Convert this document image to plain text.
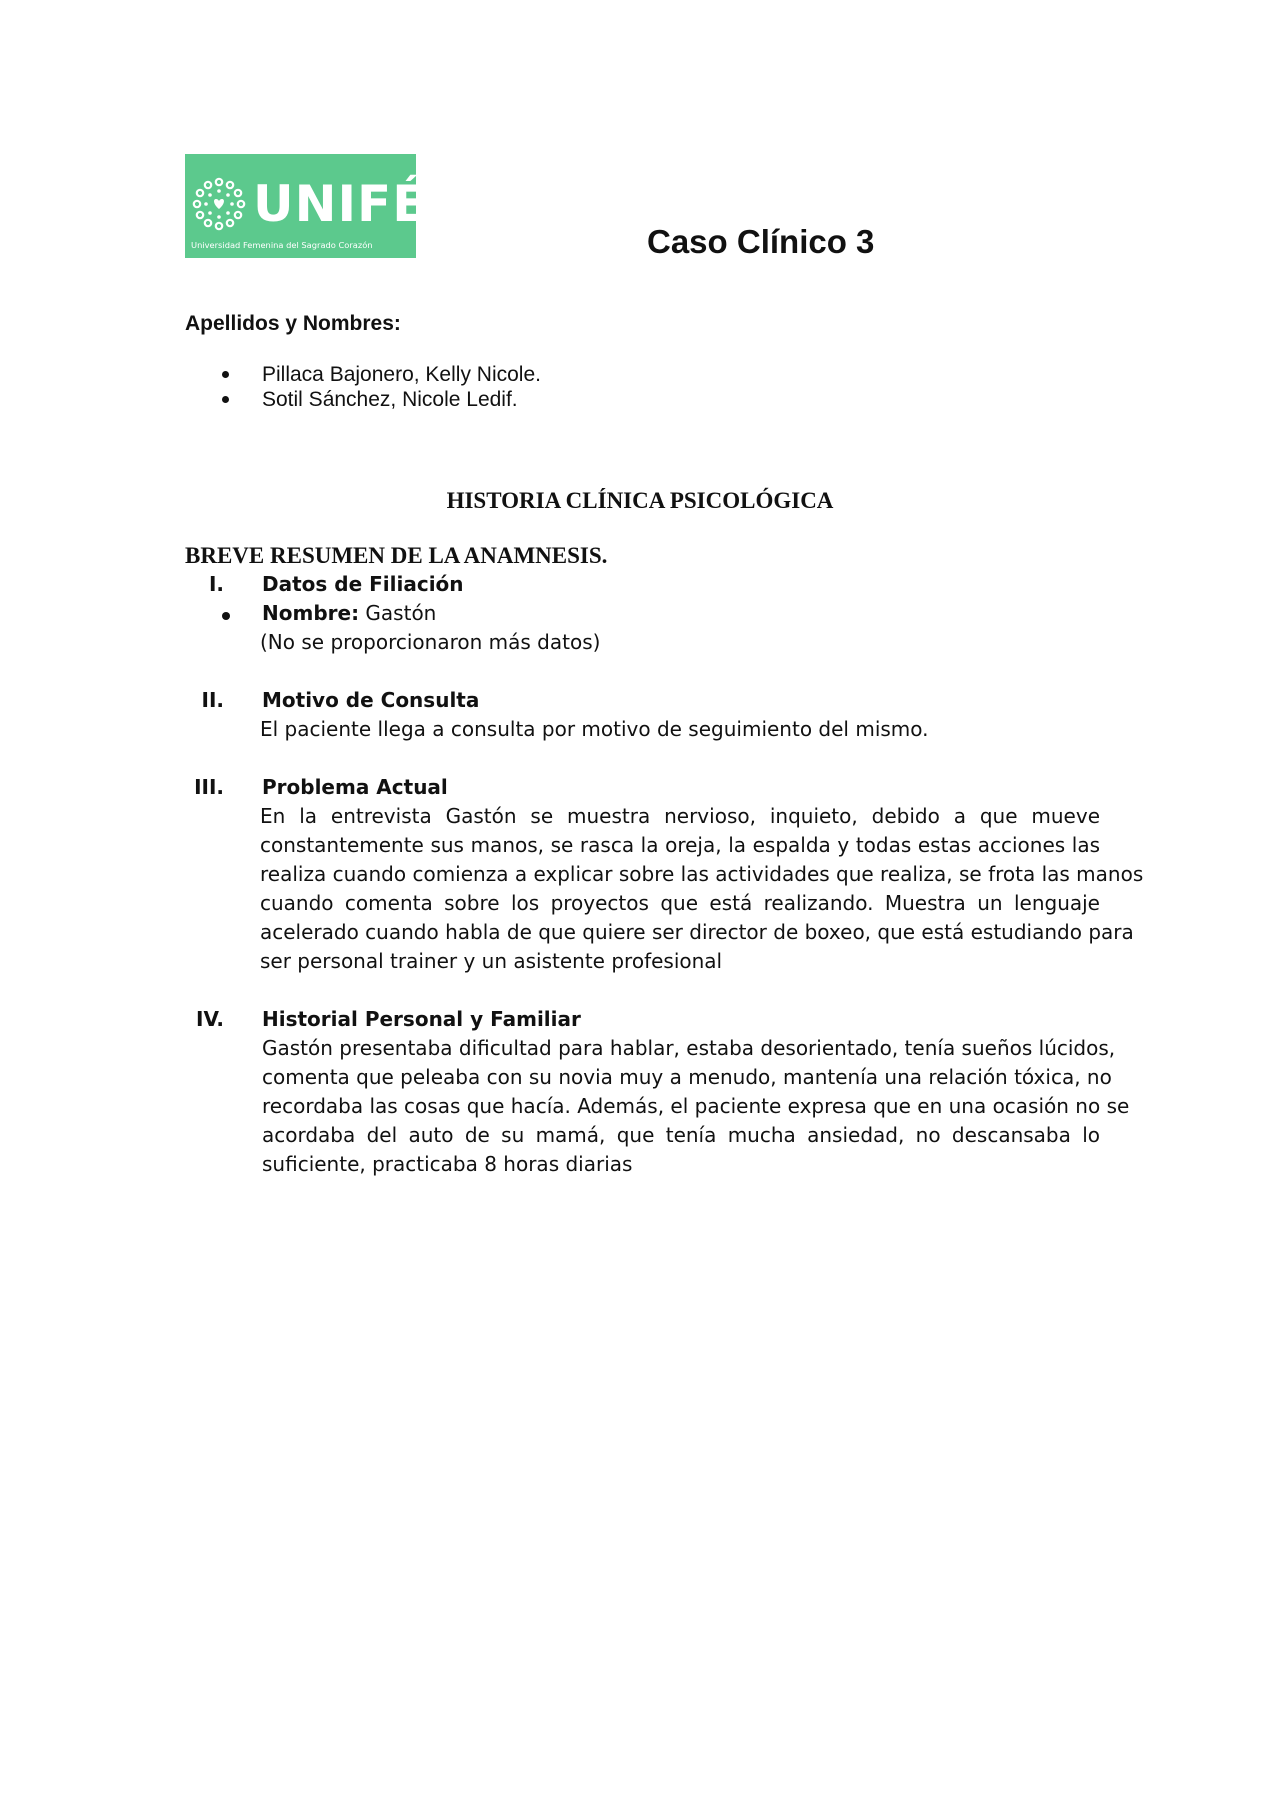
UNIFÉ
Universidad Femenina del Sagrado Corazón	Caso Clínico 3
Apellidos y Nombres:
Pillaca Bajonero, Kelly Nicole.
Sotil Sánchez, Nicole Ledif.
HISTORIA CLÍNICA PSICOLÓGICA
BREVE RESUMEN DE LA ANAMNESIS.
I. Datos de Filiación
Nombre: Gastón
(No se proporcionaron más datos)
II. Motivo de Consulta
El paciente llega a consulta por motivo de seguimiento del mismo.
III. Problema Actual
En la entrevista Gastón se muestra nervioso, inquieto, debido a que mueve
constantemente sus manos, se rasca la oreja, la espalda y todas estas acciones las
realiza cuando comienza a explicar sobre las actividades que realiza, se frota las manos
cuando comenta sobre los proyectos que está realizando. Muestra un lenguaje
acelerado cuando habla de que quiere ser director de boxeo, que está estudiando para
ser personal trainer y un asistente profesional
IV. Historial Personal y Familiar
Gastón presentaba dificultad para hablar, estaba desorientado, tenía sueños lúcidos,
comenta que peleaba con su novia muy a menudo, mantenía una relación tóxica, no
recordaba las cosas que hacía. Además, el paciente expresa que en una ocasión no se
acordaba del auto de su mamá, que tenía mucha ansiedad, no descansaba lo
suficiente, practicaba 8 horas diarias
